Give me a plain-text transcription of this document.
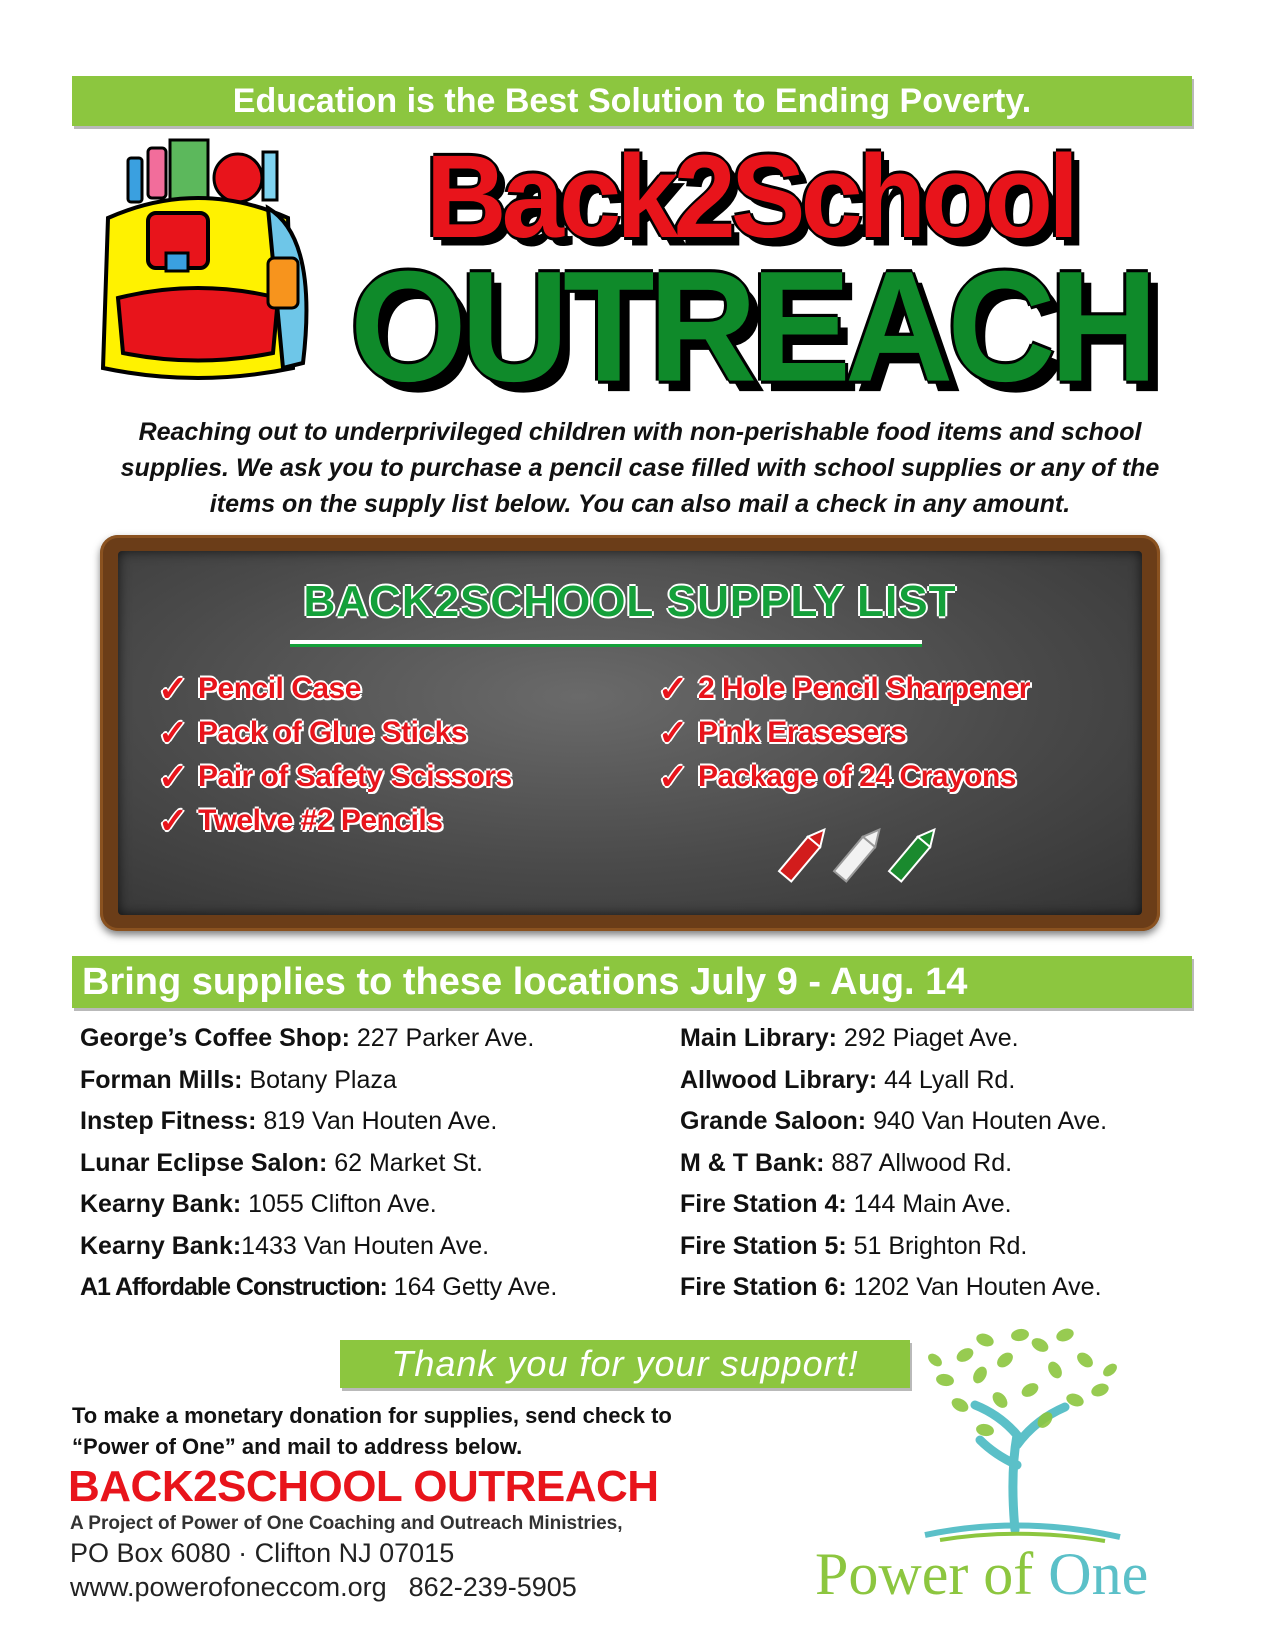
Education is the Best Solution to Ending Poverty.
Back2School
OUTREACH
Reaching out to underprivileged children with non-perishable food items and school supplies. We ask you to purchase a pencil case filled with school supplies or any of the items on the supply list below. You can also mail a check in any amount.
BACK2SCHOOL SUPPLY LIST
✓ Pencil Case
✓ Pack of Glue Sticks
✓ Pair of Safety Scissors
✓ Twelve #2 Pencils
✓ 2 Hole Pencil Sharpener
✓ Pink Erasesers
✓ Package of 24 Crayons
Bring supplies to these locations July 9 - Aug. 14
George’s Coffee Shop: 227 Parker Ave.
Forman Mills: Botany Plaza
Instep Fitness: 819 Van Houten Ave.
Lunar Eclipse Salon: 62 Market St.
Kearny Bank: 1055 Clifton Ave.
Kearny Bank:1433 Van Houten Ave.
A1 Affordable Construction: 164 Getty Ave.
Main Library: 292 Piaget Ave.
Allwood Library: 44 Lyall Rd.
Grande Saloon: 940 Van Houten Ave.
M & T Bank: 887 Allwood Rd.
Fire Station 4: 144 Main Ave.
Fire Station 5: 51 Brighton Rd.
Fire Station 6: 1202 Van Houten Ave.
Thank you for your support!
To make a monetary donation for supplies, send check to “Power of One” and mail to address below.
BACK2SCHOOL OUTREACH
A Project of Power of One Coaching and Outreach Ministries,
PO Box 6080 · Clifton NJ 07015
www.powerofoneccom.org 862-239-5905	Power of One
